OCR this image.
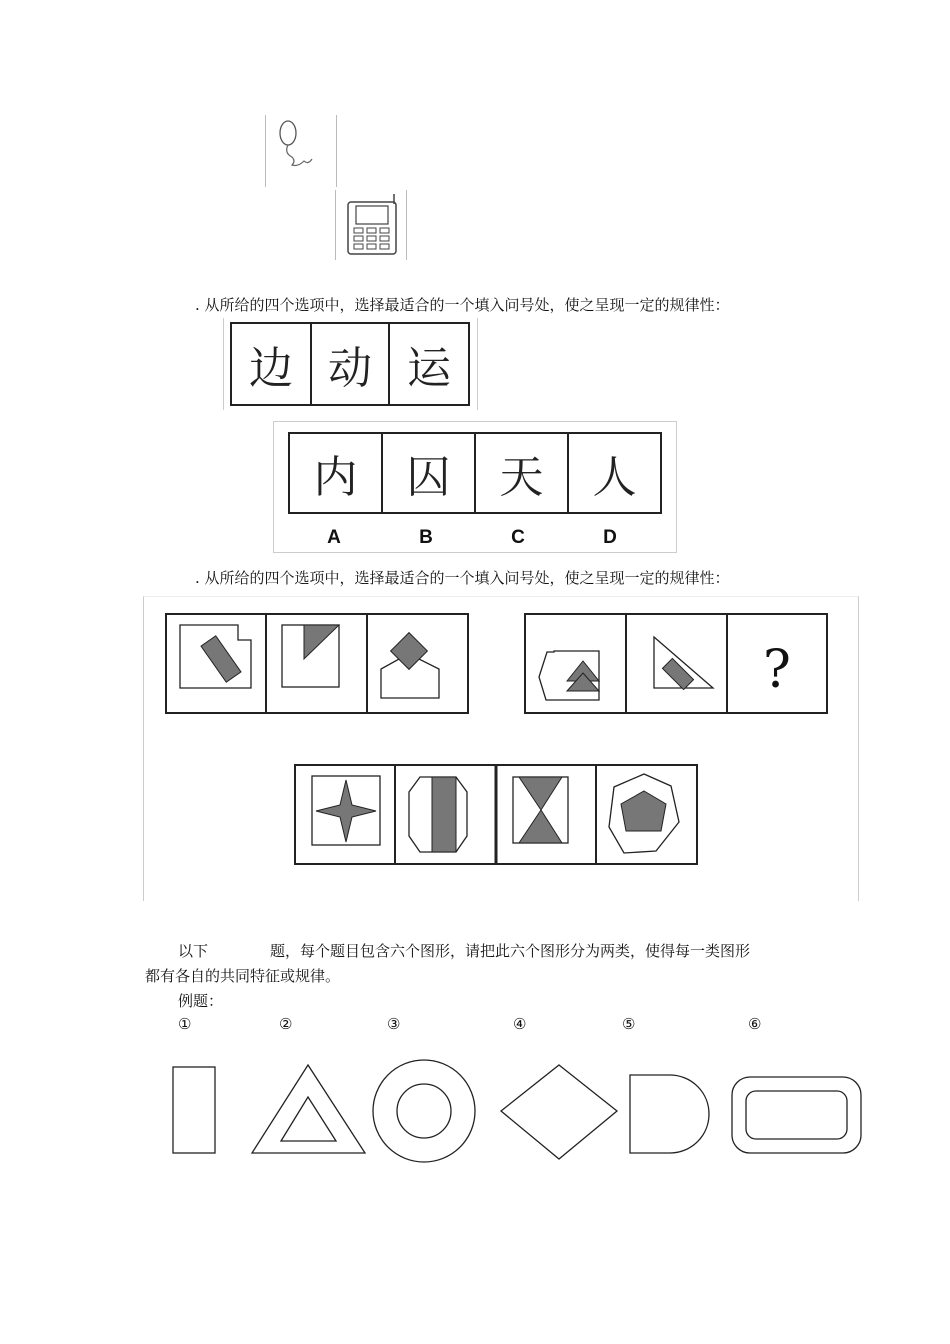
. 从所给的四个选项中，选择最适合的一个填入问号处，使之呈现一定的规律性：
边 动 运
内 囚 天 人
A	B	C	D
. 从所给的四个选项中，选择最适合的一个填入问号处，使之呈现一定的规律性：
?
以下	题，每个题目包含六个图形，请把此六个图形分为两类，使得每一类图形
都有各自的共同特征或规律。
例题：
①	②	③	④	⑤	⑥
